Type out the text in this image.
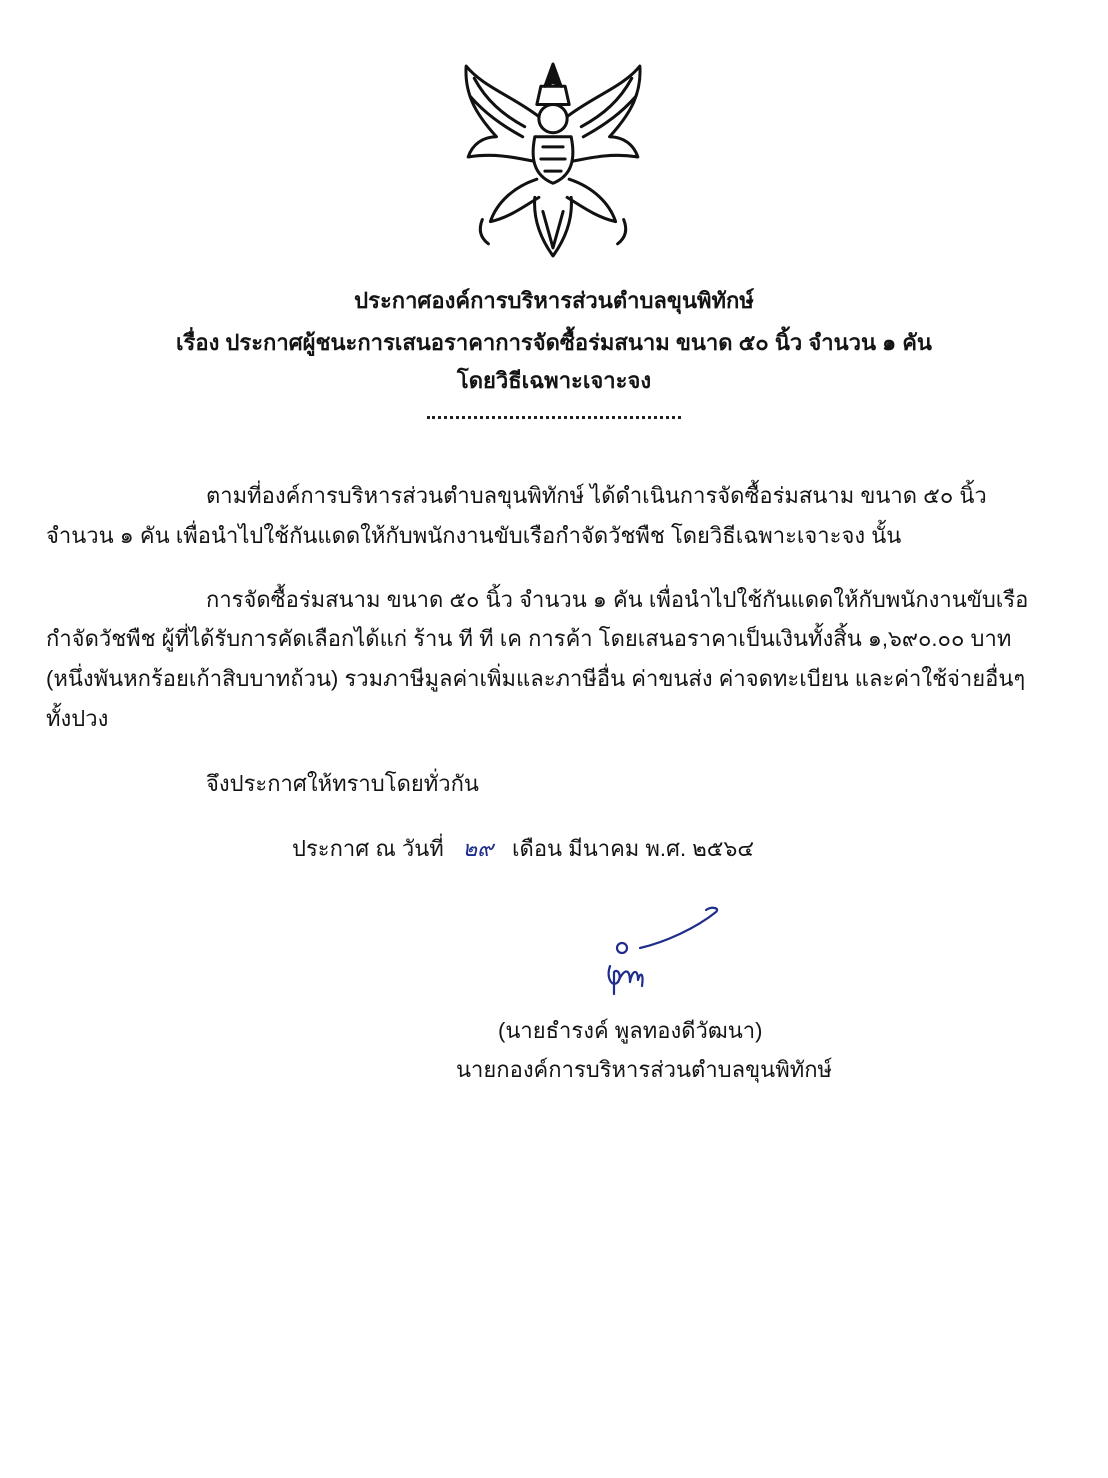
ประกาศองค์การบริหารส่วนตำบลขุนพิทักษ์
เรื่อง ประกาศผู้ชนะการเสนอราคาการจัดซื้อร่มสนาม ขนาด ๕๐ นิ้ว จำนวน ๑ คัน
โดยวิธีเฉพาะเจาะจง
ตามที่องค์การบริหารส่วนตำบลขุนพิทักษ์ ได้ดำเนินการจัดซื้อร่มสนาม ขนาด ๕๐ นิ้ว
จำนวน ๑ คัน เพื่อนำไปใช้กันแดดให้กับพนักงานขับเรือกำจัดวัชพืช โดยวิธีเฉพาะเจาะจง นั้น
การจัดซื้อร่มสนาม ขนาด ๕๐ นิ้ว จำนวน ๑ คัน เพื่อนำไปใช้กันแดดให้กับพนักงานขับเรือ
กำจัดวัชพืช ผู้ที่ได้รับการคัดเลือกได้แก่ ร้าน ที ที เค การค้า โดยเสนอราคาเป็นเงินทั้งสิ้น ๑,๖๙๐.๐๐ บาท
(หนึ่งพันหกร้อยเก้าสิบบาทถ้วน) รวมภาษีมูลค่าเพิ่มและภาษีอื่น ค่าขนส่ง ค่าจดทะเบียน และค่าใช้จ่ายอื่นๆ
ทั้งปวง
จึงประกาศให้ทราบโดยทั่วกัน
ประกาศ ณ วันที่ ๒๙ เดือน มีนาคม พ.ศ. ๒๕๖๔
(นายธำรงค์ พูลทองดีวัฒนา)
นายกองค์การบริหารส่วนตำบลขุนพิทักษ์
